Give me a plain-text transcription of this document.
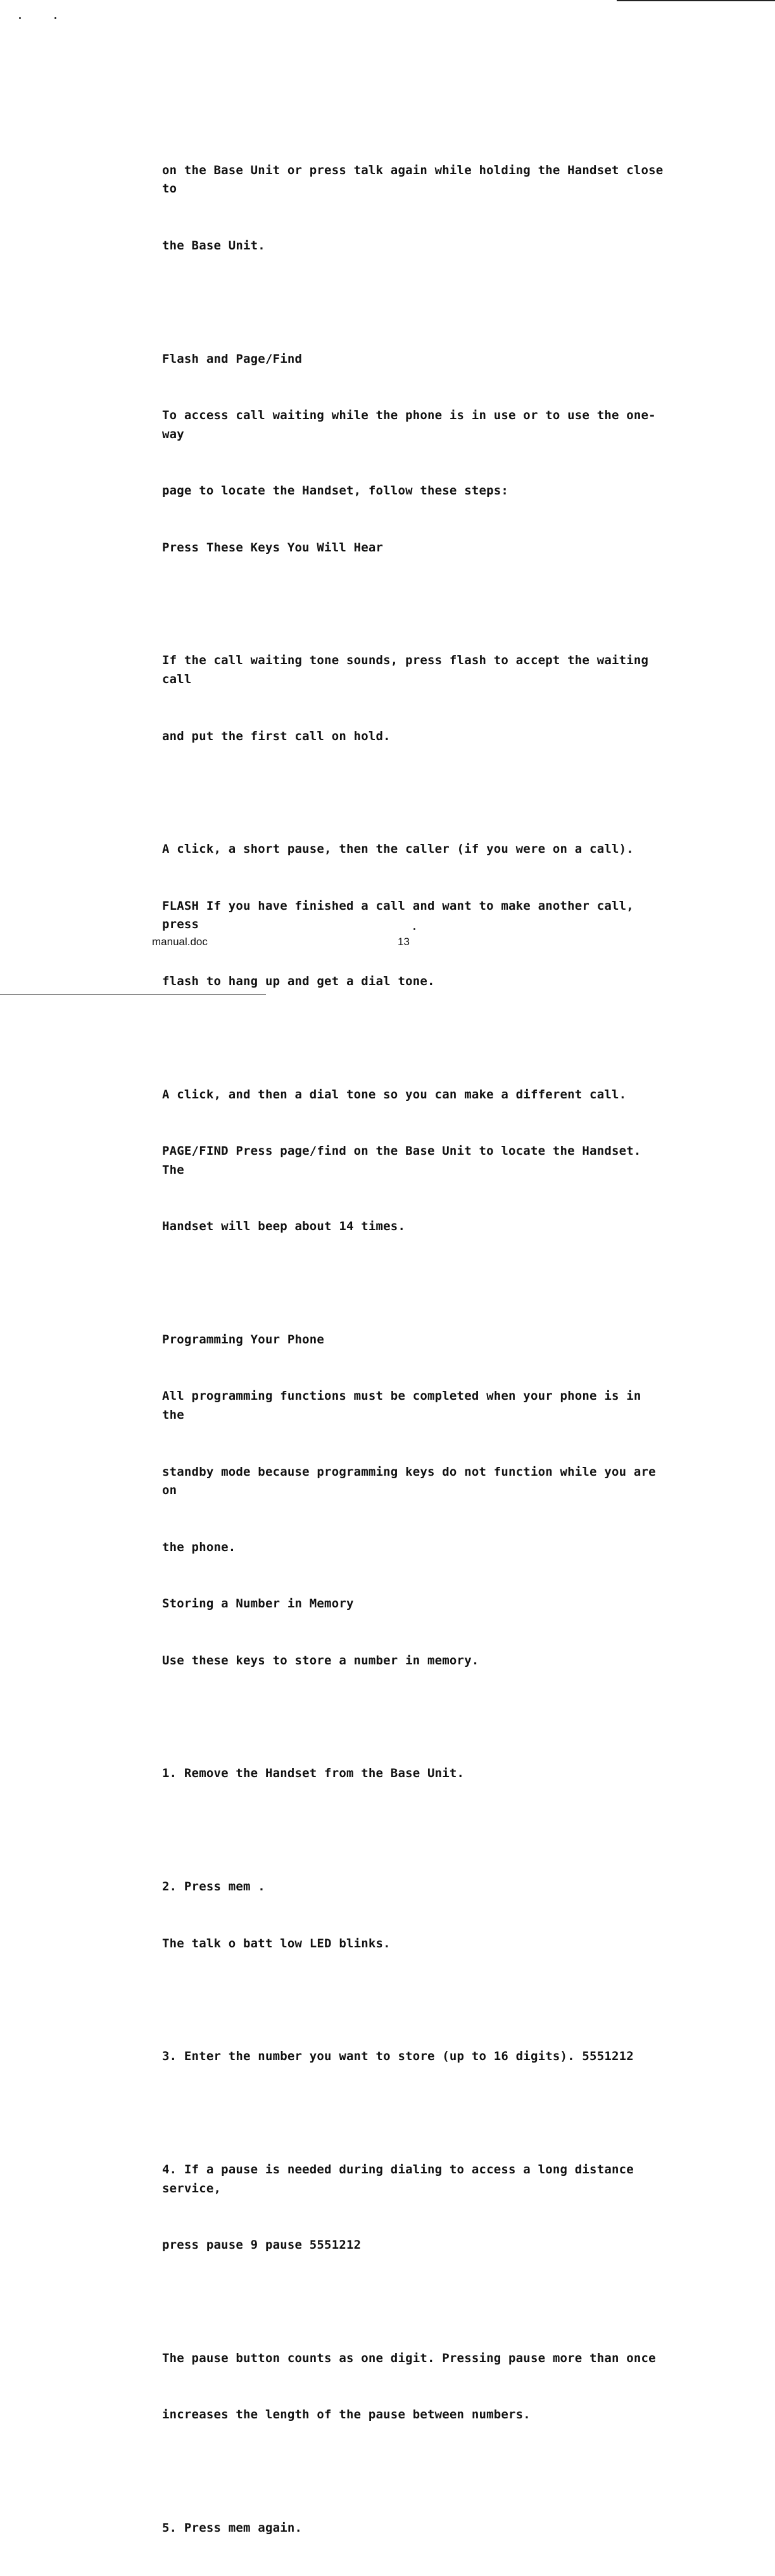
on the Base Unit or press talk again while holding the Handset close to

the Base Unit.

Flash and Page/Find

To access call waiting while the phone is in use or to use the one-way

page to locate the Handset, follow these steps:

Press These Keys You Will Hear

If the call waiting tone sounds, press flash to accept the waiting call

and put the first call on hold.

A click, a short pause, then the caller (if you were on a call).

FLASH If you have finished a call and want to make another call, press

flash to hang up and get a dial tone.

A click, and then a dial tone so you can make a different call.

PAGE/FIND Press page/find on the Base Unit to locate the Handset. The

Handset will beep about 14 times.

Programming Your Phone

All programming functions must be completed when your phone is in the

standby mode because programming keys do not function while you are on

the phone.

Storing a Number in Memory

Use these keys to store a number in memory.

1. Remove the Handset from the Base Unit.

2. Press mem .

The talk o batt low LED blinks.

3. Enter the number you want to store (up to 16 digits). 5551212

4. If a pause is needed during dialing to access a long distance service,

press pause 9 pause 5551212

The pause button counts as one digit. Pressing pause more than once

increases the length of the pause between numbers.

5. Press mem again.

manual.doc	13
